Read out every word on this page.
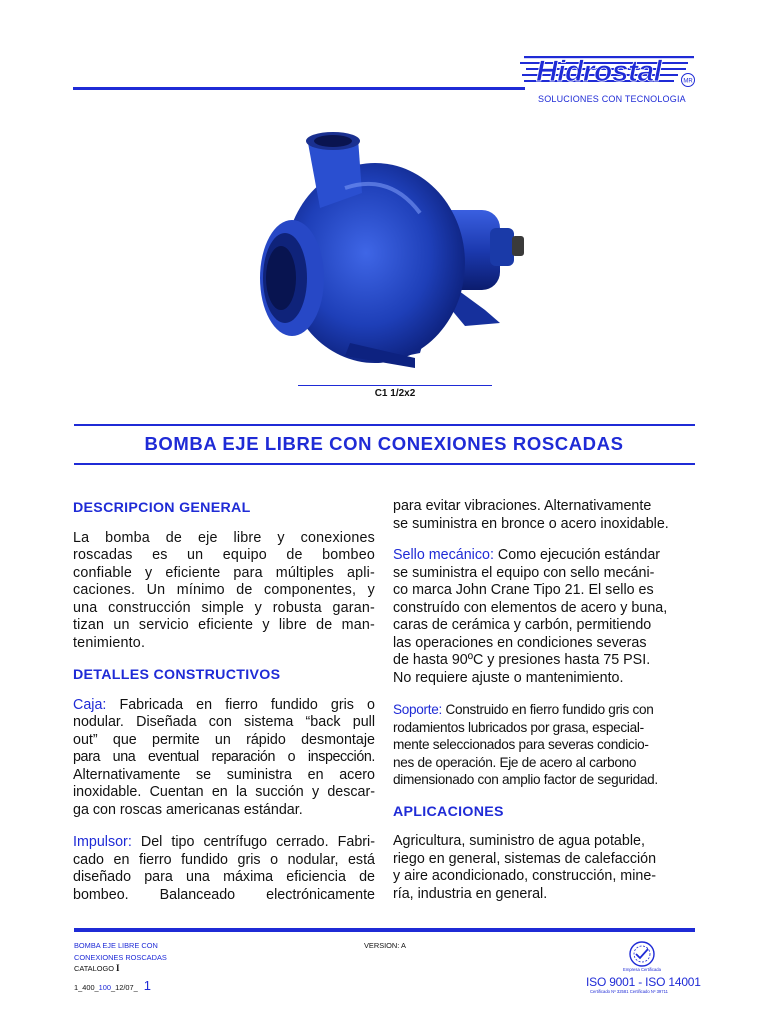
Hidrostal	MR
SOLUCIONES CON TECNOLOGIA
C1 1/2x2
BOMBA EJE LIBRE CON CONEXIONES ROSCADAS
DESCRIPCION GENERAL

La bomba de eje libre y conexiones
roscadas es un equipo de bombeo
confiable y eficiente para múltiples apli-
caciones. Un mínimo de componentes, y
una construcción simple y robusta garan-
tizan un servicio eficiente y libre de man-
tenimiento.

DETALLES CONSTRUCTIVOS

Caja: Fabricada en fierro fundido gris o
nodular. Diseñada con sistema “back pull
out” que permite un rápido desmontaje
para una eventual reparación o inspección.
Alternativamente se suministra en acero
inoxidable. Cuentan en la succión y descar-
ga con roscas americanas estándar.

Impulsor: Del tipo centrífugo cerrado. Fabri-
cado en fierro fundido gris o nodular, está
diseñado para una máxima eficiencia de
bombeo. Balanceado electrónicamente

para evitar vibraciones. Alternativamente
se suministra en bronce o acero inoxidable.

Sello mecánico: Como ejecución estándar
se suministra el equipo con sello mecáni-
co marca John Crane Tipo 21. El sello es
construído con elementos de acero y buna,
caras de cerámica y carbón, permitiendo
las operaciones en condiciones severas
de hasta 90ºC y presiones hasta 75 PSI.
No requiere ajuste o mantenimiento.

Soporte: Construido en fierro fundido gris con
rodamientos lubricados por grasa, especial-
mente seleccionados para severas condicio-
nes de operación. Eje de acero al carbono
dimensionado con amplio factor de seguridad.

APLICACIONES

Agricultura, suministro de agua potable,
riego en general, sistemas de calefacción
y aire acondicionado, construcción, mine-
ría, industria en general.

BOMBA EJE LIBRE CON
CONEXIONES ROSCADAS
CATALOGO I
1_400_100_12/07_ 1
VERSION: A
Empresa Certificada
ISO 9001 - ISO 14001
Certificado Nº 32581 Certificado Nº 39711
